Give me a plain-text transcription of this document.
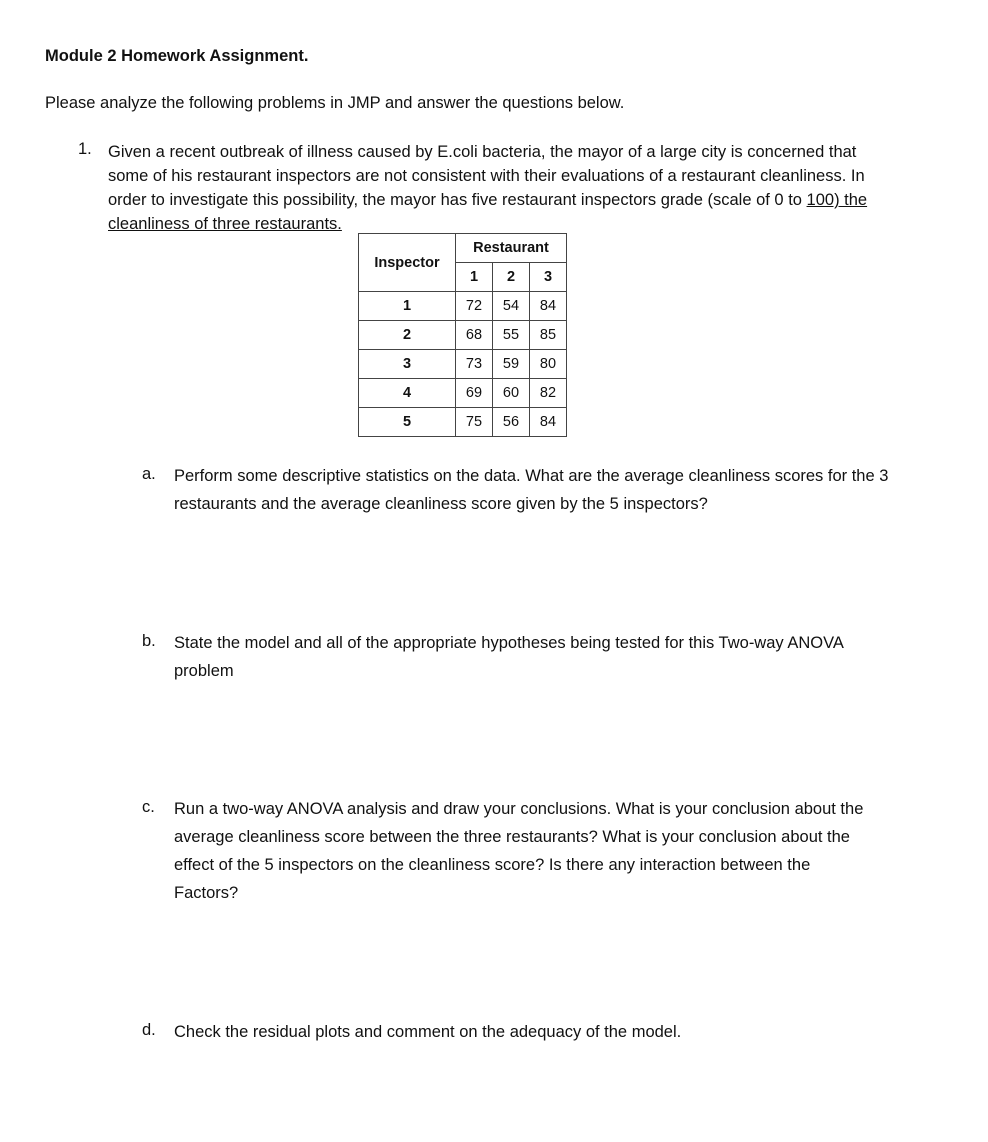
Module 2 Homework Assignment.
Please analyze the following problems in JMP and answer the questions below.
1. Given a recent outbreak of illness caused by E.coli bacteria, the mayor of a large city is concerned that some of his restaurant inspectors are not consistent with their evaluations of a restaurant cleanliness. In order to investigate this possibility, the mayor has five restaurant inspectors grade (scale of 0 to 100) the cleanliness of three restaurants.
Inspector	Restaurant		
	1	2	3
1	72	54	84
2	68	55	85
3	73	59	80
4	69	60	82
5	75	56	84
a. Perform some descriptive statistics on the data. What are the average cleanliness scores for the 3 restaurants and the average cleanliness score given by the 5 inspectors?
b. State the model and all of the appropriate hypotheses being tested for this Two-way ANOVA problem
c. Run a two-way ANOVA analysis and draw your conclusions. What is your conclusion about the average cleanliness score between the three restaurants? What is your conclusion about the effect of the 5 inspectors on the cleanliness score? Is there any interaction between the Factors?
d. Check the residual plots and comment on the adequacy of the model.
